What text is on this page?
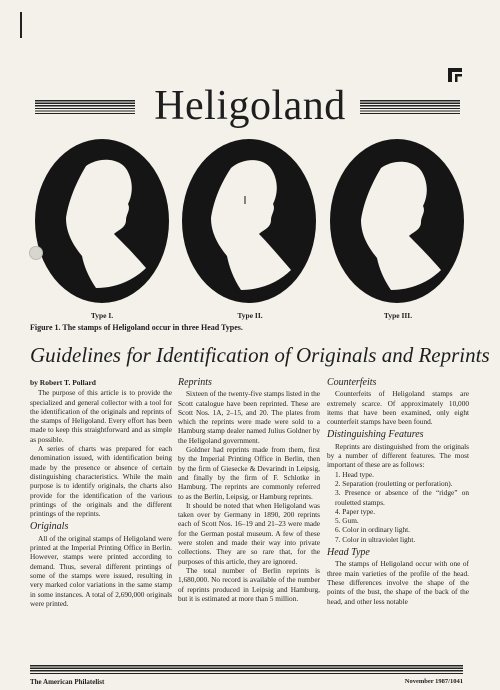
Heligoland
Type I.	Type II.	Type III.
Figure 1. The stamps of Heligoland occur in three Head Types.
Guidelines for Identification of Originals and Reprints
by Robert T. Pollard

The purpose of this article is to provide the specialized and general collector with a tool for the identification of the originals and reprints of the stamps of Heligoland. Every effort has been made to keep this straightforward and as simple as possible.

A series of charts was prepared for each denomination issued, with identification being made by the presence or absence of certain distinguishing characteristics. While the main purpose is to identify originals, the charts also provide for the identification of the various printings of the originals and the different printings of the reprints.

Originals

All of the original stamps of Heligoland were printed at the Imperial Printing Office in Berlin. However, stamps were printed according to demand. Thus, several different printings of some of the stamps were issued, resulting in very marked color variations in the same stamp in some instances. A total of 2,690,000 originals were printed.

Reprints

Sixteen of the twenty-five stamps listed in the Scott catalogue have been reprinted. These are Scott Nos. 1A, 2–15, and 20. The plates from which the reprints were made were sold to a Hamburg stamp dealer named Julius Goldner by the Heligoland government.

Goldner had reprints made from them, first by the Imperial Printing Office in Berlin, then by the firm of Giesecke & Devarindt in Leipsig, and finally by the firm of F. Schlotke in Hamburg. The reprints are commonly referred to as the Berlin, Leipsig, or Hamburg reprints.

It should be noted that when Heligoland was taken over by Germany in 1890, 200 reprints each of Scott Nos. 16–19 and 21–23 were made for the German postal museum. A few of these were stolen and made their way into private collections. They are so rare that, for the purposes of this article, they are ignored.

The total number of Berlin reprints is 1,680,000. No record is available of the number of reprints produced in Leipsig and Hamburg, but it is estimated at more than 5 million.

Counterfeits

Counterfeits of Heligoland stamps are extremely scarce. Of approximately 10,000 items that have been examined, only eight counterfeit stamps have been found.

Distinguishing Features

Reprints are distinguished from the originals by a number of different features. The most important of these are as follows:

1. Head type.
2. Separation (rouletting or perforation).
3. Presence or absence of the “ridge” on rouletted stamps.
4. Paper type.
5. Gum.
6. Color in ordinary light.
7. Color in ultraviolet light.
Head Type

The stamps of Heligoland occur with one of three main varieties of the profile of the head. These differences involve the shape of the points of the bust, the shape of the back of the head, and other less notable

The American Philatelist	November 1987/1041
